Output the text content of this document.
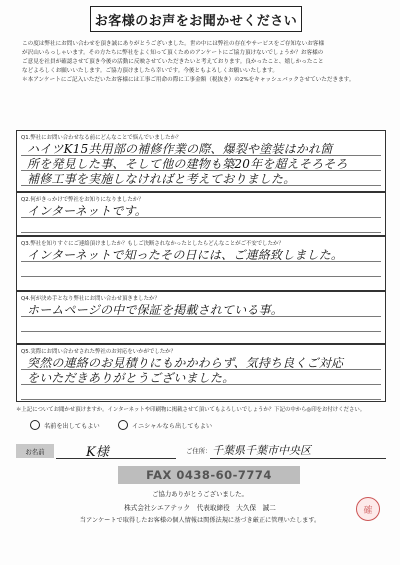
お客様のお声をお聞かせください

この度は弊社にお問い合わせを頂き誠にありがとうございました。世の中には弊社の存在やサービスをご存知ないお客様

が沢山いらっしゃいます。その方たちに弊社をよく知って頂くためのアンケートにご協力頂けないでしょうか？お客様の

ご意見を社員が確認させて頂き今後の活動に反映させていただきたいと考えております。良かったこと、嬉しかったこと

などよろしくお願いいたします。ご協力頂けましたら幸いです。今後ともよろしくお願いいたします。

＊本アンケートにご記入いただいたお客様には工事ご用命の際に工事金額（税抜き）の2%をキャッシュバックさせていただきます。

Q1.弊社にお問い合わせなる前にどんなことで悩んでいましたか？
ハイツK15共用部の補修作業の際、爆裂や塗装はかれ箇
所を発見した事、そして他の建物も築20年を超えそろそろ
補修工事を実施しなければと考えておりました。
Q2.何がきっかけで弊社をお知りになりましたか？
インターネットです。
Q3.弊社を知りすぐにご連絡頂けましたか？もしご決断されなかったとしたらどんなことがご不安でしたか？
インターネットで知ったその日には、ご連絡致しました。
Q4.何が決め手となり弊社にお問い合わせ頂きましたか？
ホームページの中で保証を掲載されている事。
Q5.実際にお問い合わせされた弊社のお対応をいかがでしたか？
突然の連絡のお見積りにもかかわらず、気持ち良くご対応
をいただきありがとうございました。
＊上記についてお聞かせ頂けますか。インターネットや印刷物に掲載させて頂いてもよろしいでしょうか？下記の中から◎印をお付けください。
名前を出してもよい	イニシャルなら出してもよい
お名前	K様	ご住所： 千葉県千葉市中央区
FAX 0438-60-7774
ご協力ありがとうございました。
株式会社シエアテック　代表取締役　大久保　誠二
当アンケートで取得したお客様の個人情報は関係法規に基づき厳正に管理いたします。
確
